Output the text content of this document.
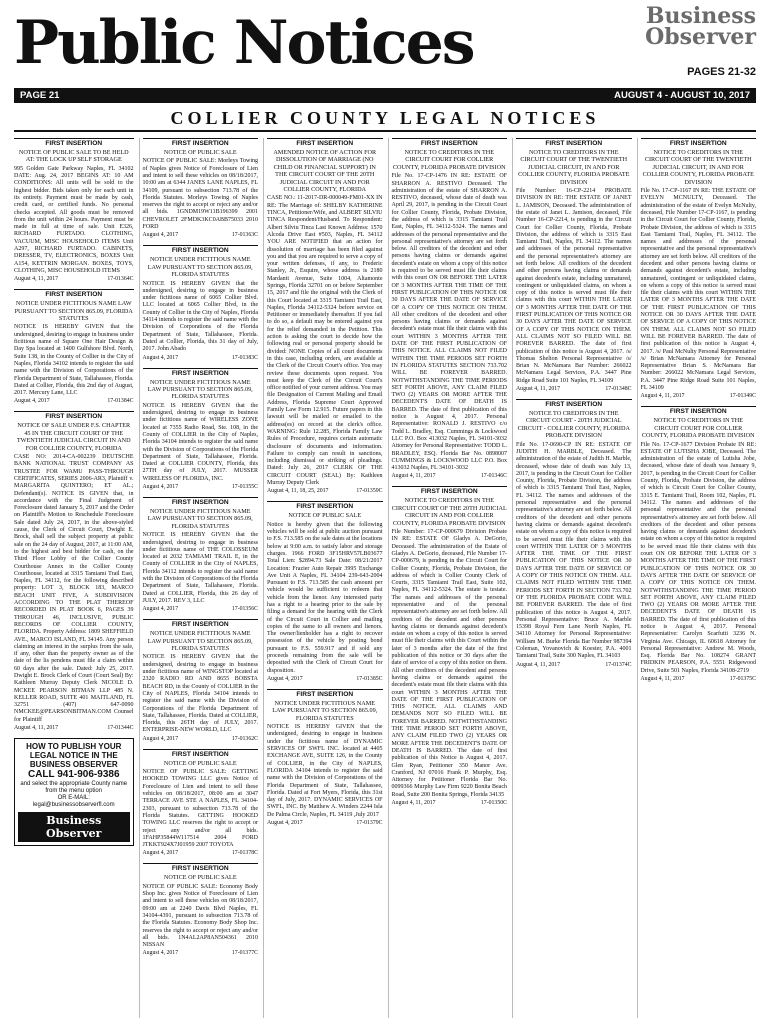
Public Notices	Business
Observer
PAGES 21-32
PAGE 21	AUGUST 4 - AUGUST 10, 2017
COLLIER COUNTY LEGAL NOTICES
FIRST INSERTION
NOTICE OF PUBLIC SALE TO BE HELD AT: THE LOCK UP SELF STORAGE
995 Golden Gate Parkway Naples, FL 34102 DATE: Aug. 24, 2017 BEGINS AT: 10 AM CONDITIONS: All units will be sold to the highest bidder. Bids taken only for each unit in its entirety. Payment must be made by cash, credit card, or certified funds. No personal checks accepted. All goods must be removed from the unit within 24 hours. Payment must be made in full at time of sale. Unit E326, RICHARD FURTADO. CLOTHING, VACUUM, MISC HOUSEHOLD ITEMS Unit A297, RICHARD FURTADO. CABINETS, DRESSER, TV, ELECTRONICS, BOXES Unit A154, KETTRIN MORGAN. BOXES, TOYS, CLOTHING, MISC HOUSEHOLD ITEMS
August 4, 11, 2017	17-01364C
FIRST INSERTION
NOTICE UNDER FICTITIOUS NAME LAW PURSUANT TO SECTION 865.09, FLORIDA STATUTES
NOTICE IS HEREBY GIVEN that the undersigned, desiring to engage in business under fictitious name of Square One Hair Design & Day Spa located at 1400 Gulfshore Blvd. North, Suite 138, in the County of Collier in the City of Naples, Florida 34102 intends to register the said name with the Division of Corporations of the Florida Department of State, Tallahassee, Florida. Dated at Collier, Florida, this 2nd day of August, 2017. Mercury Lane, LLC
August 4, 2017	17-01384C
FIRST INSERTION
NOTICE OF SALE UNDER F.S. CHAPTER 45 IN THE CIRCUIT COURT OF THE TWENTIETH JUDICIAL CIRCUIT IN AND FOR COLLIER COUNTY, FLORIDA
CASE NO: 2014-CA-002239 DEUTSCHE BANK NATIONAL TRUST COMPANY AS TRUSTEE FOR WAMU PASS-THROUGH CERTIFICATES, SERIES 2006-AR3, Plaintiff v. MARGARITA QUINTERO; ET AL.; Defendant(s). NOTICE IS GIVEN that, in accordance with the Final Judgment of Foreclosure dated January 5, 2017 and the Order on Plaintiff's Motion to Reschedule Foreclosure Sale dated July 24, 2017, in the above-styled cause, the Clerk of Circuit Court, Dwight E. Brock, shall sell the subject property at public sale on the 24 day of August, 2017, at 11:00 AM, to the highest and best bidder for cash, on the Third Floor Lobby of the Collier County Courthouse Annex in the Collier County Courthouse, located at 3315 Tamiami Trail East, Naples, FL 34112, for the following described property: LOT 3, BLOCK 183, MARCO BEACH UNIT FIVE, A SUBDIVISION ACCORDING TO THE PLAT THEREOF RECORDED IN PLAT BOOK 6, PAGES 39 THROUGH 46, INCLUSIVE, PUBLIC RECORDS OF COLLIER COUNTY, FLORIDA. Property Address: 1809 SHEFFIELD AVE., MARCO ISLAND, FL 34145. Any person claiming an interest in the surplus from the sale, if any, other than the property owner as of the date of the lis pendens must file a claim within 60 days after the sale. Dated: July 25, 2017. Dwight E. Brock Clerk of Court (Court Seal) By: Kathleen Murray Deputy Clerk NICOLE D. MCKEE PEARSON BITMAN LLP 485 N. KELLER ROAD, SUITE 401 MAITLAND, FL 32751 (407) 647-0090 NMCKEE@PEARSONBITMAN.COM Counsel for Plaintiff
August 4, 11, 2017	17-01344C
HOW TO PUBLISH YOUR LEGAL NOTICE IN THE BUSINESS OBSERVER
CALL 941-906-9386
and select the appropriate County name from the menu option
OR E-MAIL:
legal@businessobserverfl.com
Business Observer
FIRST INSERTION
NOTICE OF PUBLIC SALE
NOTICE OF PUBLIC SALE: Morleys Towing of Naples gives Notice of Foreclosure of Lien and intent to sell these vehicles on 08/18/2017, 10:00 am at 6344 JANES LANE NAPLES, FL 34109, pursuant to subsection 713.78 of the Florida Statutes. Morleys Towing of Naples reserves the right to accept or reject any and/or all bids. 1GNDM19W11B196399 2001 CHEVROLET 2FMDK3KC0ABB75033 2010 FORD
August 4, 2017	17-01363C
FIRST INSERTION
NOTICE UNDER FICTITIOUS NAME LAW PURSUANT TO SECTION 865.09, FLORIDA STATUTES
NOTICE IS HEREBY GIVEN that the undersigned, desiring to engage in business under fictitious name of 6065 Collier Blvd. LLC located at 6065 Collier Blvd, in the County of Collier in the City of Naples, Florida 34114 intends to register the said name with the Division of Corporations of the Florida Department of State, Tallahassee, Florida. Dated at Collier, Florida, this 31 day of July, 2017. John Abado
August 4, 2017	17-01383C
FIRST INSERTION
NOTICE UNDER FICTITIOUS NAME LAW PURSUANT TO SECTION 865.09, FLORIDA STATUTES
NOTICE IS HEREBY GIVEN that the undersigned, desiring to engage in business under fictitious name of WIRELESS ZONE located at 7355 Radio Road, Ste. 108, in the County of COLLIER in the City of Naples, Florida 34104 intends to register the said name with the Division of Corporations of the Florida Department of State, Tallahassee, Florida. Dated at COLLIER COUNTY, Florida, this 27TH day of JULY, 2017. MUSSER WIRELESS OF FLORIDA, INC.
August 4, 2017	17-01355C
FIRST INSERTION
NOTICE UNDER FICTITIOUS NAME LAW PURSUANT TO SECTION 865.09, FLORIDA STATUTES
NOTICE IS HEREBY GIVEN that the undersigned, desiring to engage in business under fictitious name of THE COLOSSEUM located at 2032 TAMIAMI TRAIL E, in the County of COLLIER in the City of NAPLES, Florida 34112 intends to register the said name with the Division of Corporations of the Florida Department of State, Tallahassee, Florida. Dated at COLLIER, Florida, this 26 day of JULY, 2017. REV 3, LLC
August 4, 2017	17-01356C
FIRST INSERTION
NOTICE UNDER FICTITIOUS NAME LAW PURSUANT TO SECTION 865.09, FLORIDA STATUTES
NOTICE IS HEREBY GIVEN that the undersigned, desiring to engage in business under fictitious name of WINGSTOP located at 2320 RADIO RD AND 8655 BOBSTA BEACH RD, in the County of COLLIER in the City of NAPLES, Florida 34104 intends to register the said name with the Division of Corporations of the Florida Department of State, Tallahassee, Florida. Dated at COLLIER, Florida, this 26TH day of JULY, 2017. ENTERPRISE-NEW WORLD, LLC
August 4, 2017	17-01362C
FIRST INSERTION
NOTICE OF PUBLIC SALE
NOTICE OF PUBLIC SALE: GETTING HOOKED TOWING LLC gives Notice of Foreclosure of Lien and intent to sell these vehicles on 08/18/2017, 08:00 am at 3047 TERRACE AVE STE A NAPLES, FL 34104-2303, pursuant to subsection 713.78 of the Florida Statutes. GETTING HOOKED TOWING LLC reserves the right to accept or reject any and/or all bids. 1FAHP35844W117514 2004 FORD JTKKT924X7J01959 2007 TOYOTA
August 4, 2017	17-01378C
FIRST INSERTION
NOTICE OF PUBLIC SALE
NOTICE OF PUBLIC SALE: Economy Body Shop Inc. gives Notice of Foreclosure of Lien and intent to sell these vehicles on 08/18/2017, 09:00 am at 2240 Davis Blvd Naples, FL 34104-4391, pursuant to subsection 713.78 of the Florida Statutes. Economy Body Shop Inc. reserves the right to accept or reject any and/or all bids. 1N4AL2AP8AN504361 2010 NISSAN
August 4, 2017	17-01377C
FIRST INSERTION
AMENDED NOTICE OF ACTION FOR DISSOLUTION OF MARRIAGE (NO CHILD OR FINANCIAL SUPPORT) IN THE CIRCUIT COURT OF THE 20TH JUDICIAL CIRCUIT IN AND FOR COLLIER COUNTY, FLORIDA
CASE NO.: 11-2017-DR-000049-FM01-XX IN RE: The Marriage of: SHELBY KATHERINE TINCA, Petitioner/Wife, and ALBERT SILVIU TINCA Respondent/Husband. To Respondent: Albert Silviu Tinca Last Known Address: 1570 Alcoda Drive East #503, Naples, FL 34112 YOU ARE NOTIFIED that an action for dissolution of marriage has been filed against you and that you are required to serve a copy of your written defenses, if any, to Frederic Stanley, Jr., Esquire, whose address is 2180 Mardanit Avenue, Suite 1004, Altamonte Springs, Florida 32701 on or before September 15, 2017 and file the original with the Clerk of this Court located at 3315 Tamiami Trail East, Naples, Florida 34112-5324 before service on Petitioner or immediately thereafter. If you fail to do so, a default may be entered against you for the relief demanded in the Petition. This action is asking the court to decide how the following real or personal property should be divided: NONE Copies of all court documents in this case, including orders, are available at the Clerk of the Circuit Court's office. You may review these documents upon request. You must keep the Clerk of the Circuit Court's office notified of your current address. You may file Designation of Current Mailing and Email Address, Florida Supreme Court Approved Family Law Form 12.915. Future papers in this lawsuit will be mailed or emailed to the address(es) on record at the clerk's office. WARNING: Rule 12.285, Florida Family Law Rules of Procedure, requires certain automatic disclosure of documents and information. Failure to comply can result in sanctions, including dismissal or striking of pleadings. Dated: July 26, 2017 CLERK OF THE CIRCUIT COURT (SEAL) By: Kathleen Murray Deputy Clerk
August 4, 11, 18, 25, 2017	17-01359C
FIRST INSERTION
NOTICE OF PUBLIC SALE
Notice is hereby given that the following vehicles will be sold at public auction pursuant to F.S. 713.585 on the sale dates at the locations below at 9:00 a.m. to satisfy labor and storage charges. 1966 FORD 3F15HRV57LB03677 Total Lien: $2894.73 Sale Date: 08/21/2017 Location: Frazier Auto Repair 3995 Exchange Ave Unit A Naples, FL 34104 239-643-2004 Pursuant to F.S. 713.585 the cash amount per vehicle would be sufficient to redeem that vehicle from the lienor. Any interested party has a right to a hearing prior to the sale by filing a demand for the hearing with the Clerk of the Circuit Court in Collier and mailing copies of the same to all owners and lienors. The owner/lienholder has a right to recover possession of the vehicle by posting bond pursuant to F.S. 559.917 and if sold any proceeds remaining from the sale will be deposited with the Clerk of Circuit Court for disposition.
August 4, 2017	17-01385C
FIRST INSERTION
NOTICE UNDER FICTITIOUS NAME LAW PURSUANT TO SECTION 865.09, FLORIDA STATUTES
NOTICE IS HEREBY GIVEN that the undersigned, desiring to engage in business under the fictitious name of DYNAMIC SERVICES OF SWFL INC. located at 4405 EXCHANGE AVE, SUITE 126, in the County of COLLIER, in the City of NAPLES, FLORIDA 34104 intends to register the said name with the Division of Corporations of the Florida Department of State, Tallahassee, Florida. Dated at Fort Myers, Florida, this 31st day of July, 2017. DYNAMIC SERVICES OF SWFL, INC. By Matthew A. Winders 2244 Isla De Palma Circle, Naples, FL 34119 ,July 2017
August 4, 2017	17-01379C
FIRST INSERTION
NOTICE TO CREDITORS IN THE CIRCUIT COURT FOR COLLIER COUNTY, FLORIDA PROBATE DIVISION
File No. 17-CP-1476 IN RE: ESTATE OF SHARRON A. RESTIVO Deceased. The administration of the estate of SHARRON A. RESTIVO, deceased, whose date of death was April 29, 2017, is pending in the Circuit Court for Collier County, Florida, Probate Division, the address of which is 3315 Tamiami Trail East, Naples, FL 34112-5324. The names and addresses of the personal representative and the personal representative's attorney are set forth below. All creditors of the decedent and other persons having claims or demands against decedent's estate on whom a copy of this notice is required to be served must file their claims with this court ON OR BEFORE THE LATER OF 3 MONTHS AFTER THE TIME OF THE FIRST PUBLICATION OF THIS NOTICE OR 30 DAYS AFTER THE DATE OF SERVICE OF A COPY OF THIS NOTICE ON THEM. All other creditors of the decedent and other persons having claims or demands against decedent's estate must file their claims with this court WITHIN 3 MONTHS AFTER THE DATE OF THE FIRST PUBLICATION OF THIS NOTICE. ALL CLAIMS NOT FILED WITHIN THE TIME PERIODS SET FORTH IN FLORIDA STATUTES SECTION 733.702 WILL BE FOREVER BARRED. NOTWITHSTANDING THE TIME PERIODS SET FORTH ABOVE, ANY CLAIM FILED TWO (2) YEARS OR MORE AFTER THE DECEDENT'S DATE OF DEATH IS BARRED. The date of first publication of this notice is August 4, 2017. Personal Representative: RONALD J. RESTIVO c/o Todd L. Bradley, Esq. Cummings & Lockwood LLC P.O. Box 413032 Naples, FL 34101-3032 Attorney for Personal Representative: TODD L. BRADLEY, ESQ. Florida Bar No. 0898007 CUMMINGS & LOCKWOOD LLC P.O. Box 413032 Naples, FL 34101-3032
August 4, 11, 2017	17-01346C
FIRST INSERTION
NOTICE TO CREDITORS IN THE CIRCUIT COURT OF THE 20TH JUDICIAL CIRCUIT IN AND FOR COLLIER COUNTY, FLORIDA PROBATE DIVISION
File Number: 17-CP-000679 Division Probate IN RE: ESTATE OF Gladys A. DeGorio, Deceased. The administration of the Estate of Gladys A. DeGorio, deceased, File Number 17-CP-000679, is pending in the Circuit Court for Collier County, Florida, Probate Division, the address of which is Collier County Clerk of Courts, 3315 Tamiami Trail East, Suite 102, Naples, FL 34112-5324. The estate is testate. The names and addresses of the personal representative and of the personal representative's attorney are set forth below. All creditors of the decedent and other persons having claims or demands against decedent's estate on whom a copy of this notice is served must file their claims with this Court within the later of 3 months after the date of the first publication of this notice or 30 days after the date of service of a copy of this notice on them. All other creditors of the decedent and persons having claims or demands against the decedent's estate must file their claims with this court WITHIN 3 MONTHS AFTER THE DATE OF THE FIRST PUBLICATION OF THIS NOTICE. ALL CLAIMS AND DEMANDS NOT SO FILED WILL BE FOREVER BARRED. NOTWITHSTANDING THE TIME PERIOD SET FORTH ABOVE, ANY CLAIM FILED TWO (2) YEARS OR MORE AFTER THE DECEDENT'S DATE OF DEATH IS BARRED. The date of first publication of this Notice is August 4, 2017. Glen Ryan, Petitioner 350 Manor Ave. Cranford, NJ 07016 Frank P. Murphy, Esq. Attorney for Petitioner Florida Bar No. 0099366 Murphy Law Firm 9220 Bonita Beach Road, Suite 200 Bonita Springs, Florida 34135
August 4, 11, 2017	17-01350C
FIRST INSERTION
NOTICE TO CREDITORS IN THE CIRCUIT COURT OF THE TWENTIETH JUDICIAL CIRCUIT, IN AND FOR COLLIER COUNTY, FLORIDA PROBATE DIVISION
File Number: 16-CP-2214 PROBATE DIVISION IN RE: THE ESTATE OF JANET L. JAMISON, Deceased. The administration of the estate of Janet L. Jamison, deceased, File Number 16-CP-2214, is pending in the Circuit Court for Collier County, Florida, Probate Division, the address of which is 3315 East Tamiami Trail, Naples, FL 34112. The names and addresses of the personal representative and the personal representative's attorney are set forth below. All creditors of the decedent and other persons having claims or demands against decedent's estate, including unmatured, contingent or unliquidated claims, on whom a copy of this notice is served must file their claims with this court WITHIN THE LATER OF 3 MONTHS AFTER THE DATE OF THE FIRST PUBLICATION OF THIS NOTICE OR 30 DAYS AFTER THE DATE OF SERVICE OF A COPY OF THIS NOTICE ON THEM. ALL CLAIMS NOT SO FILED WILL BE FOREVER BARRED. The date of first publication of this notice is August 4, 2017. /s/ Thomas Shelton Personal Representative /s/ Brian N. McNamara Bar Number: 266022 McNamara Legal Services, P.A. 3447 Pine Ridge Road Suite 101 Naples, FL 34109
August 4, 11, 2017	17-01348C
FIRST INSERTION
NOTICE TO CREDITORS IN THE CIRCUIT COURT - 20TH JUDICIAL CIRCUIT - COLLIER COUNTY, FLORIDA PROBATE DIVISION
File No. 17-0690-CP IN RE: ESTATE OF JUDITH H. MARBLE, Deceased. The administration of the estate of Judith H. Marble, deceased, whose date of death was July 13, 2017, is pending in the Circuit Court for Collier County, Florida, Probate Division, the address of which is 3315 Tamiami Trail East, Naples, FL 34112. The names and addresses of the personal representative and the personal representative's attorney are set forth below. All creditors of the decedent and other persons having claims or demands against decedent's estate on whom a copy of this notice is required to be served must file their claims with this court WITHIN THE LATER OF 3 MONTHS AFTER THE TIME OF THE FIRST PUBLICATION OF THIS NOTICE OR 30 DAYS AFTER THE DATE OF SERVICE OF A COPY OF THIS NOTICE ON THEM. ALL CLAIMS NOT FILED WITHIN THE TIME PERIODS SET FORTH IN SECTION 733.702 OF THE FLORIDA PROBATE CODE WILL BE FOREVER BARRED. The date of first publication of this notice is August 4, 2017. Personal Representative: Bruce A. Marble 15398 Royal Fern Lane North Naples, FL 34110 Attorney for Personal Representative: William M. Burke Florida Bar Number 987394 Coleman, Yovanovich & Koester, P.A. 4001 Tamiami Trail, Suite 300 Naples, FL 34103
August 4, 11, 2017	17-01374C
FIRST INSERTION
NOTICE TO CREDITORS IN THE CIRCUIT COURT OF THE TWENTIETH JUDICIAL CIRCUIT, IN AND FOR COLLIER COUNTY, FLORIDA PROBATE DIVISION
File No. 17-CP-1167 IN RE: THE ESTATE OF EVELYN MCNULTY, Deceased. The administration of the estate of Evelyn McNulty, deceased, File Number 17-CP-1167, is pending in the Circuit Court for Collier County, Florida, Probate Division, the address of which is 3315 East Tamiami Trail, Naples, FL 34112. The names and addresses of the personal representative and the personal representative's attorney are set forth below. All creditors of the decedent and other persons having claims or demands against decedent's estate, including unmatured, contingent or unliquidated claims, on whom a copy of this notice is served must file their claims with this court WITHIN THE LATER OF 3 MONTHS AFTER THE DATE OF THE FIRST PUBLICATION OF THIS NOTICE OR 30 DAYS AFTER THE DATE OF SERVICE OF A COPY OF THIS NOTICE ON THEM. ALL CLAIMS NOT SO FILED WILL BE FOREVER BARRED. The date of first publication of this notice is August 4, 2017. /s/ Paul McNulty Personal Representative /s/ Brian McNamara Attorney for Personal Representative Brian S. McNamara Bar Number: 266022 McNamara Legal Services, P.A. 3447 Pine Ridge Road Suite 101 Naples, FL 34109
August 4, 11, 2017	17-01349C
FIRST INSERTION
NOTICE TO CREDITORS IN THE CIRCUIT COURT FOR COLLIER COUNTY, FLORIDA PROBATE DIVISION
File No. 17-CP-1677 Division Probate IN RE: ESTATE OF LUTISHA JOBE, Deceased. The administration of the estate of Lutisha Jobe, deceased, whose date of death was January 9, 2017, is pending in the Circuit Court for Collier County, Florida, Probate Division, the address of which is Circuit Court for Collier County, 3315 E. Tamiami Trail, Room 102, Naples, FL 34112. The names and addresses of the personal representative and the personal representative's attorney are set forth below. All creditors of the decedent and other persons having claims or demands against decedent's estate on whom a copy of this notice is required to be served must file their claims with this court ON OR BEFORE THE LATER OF 3 MONTHS AFTER THE TIME OF THE FIRST PUBLICATION OF THIS NOTICE OR 30 DAYS AFTER THE DATE OF SERVICE OF A COPY OF THIS NOTICE ON THEM. NOTWITHSTANDING THE TIME PERIOD SET FORTH ABOVE, ANY CLAIM FILED TWO (2) YEARS OR MORE AFTER THE DECEDENT'S DATE OF DEATH IS BARRED. The date of first publication of this notice is August 4, 2017. Personal Representative: Carolyn Scarfutti 3236 N. Virginia Ave. Chicago, IL 60618 Attorney for Personal Representative: Andrew M. Woods, Esq. Florida Bar No. 108274 GRANT FRIDKIN PEARSON, P.A. 5551 Ridgewood Drive, Suite 501 Naples, Florida 34108-2719
August 4, 11, 2017	17-01375C
